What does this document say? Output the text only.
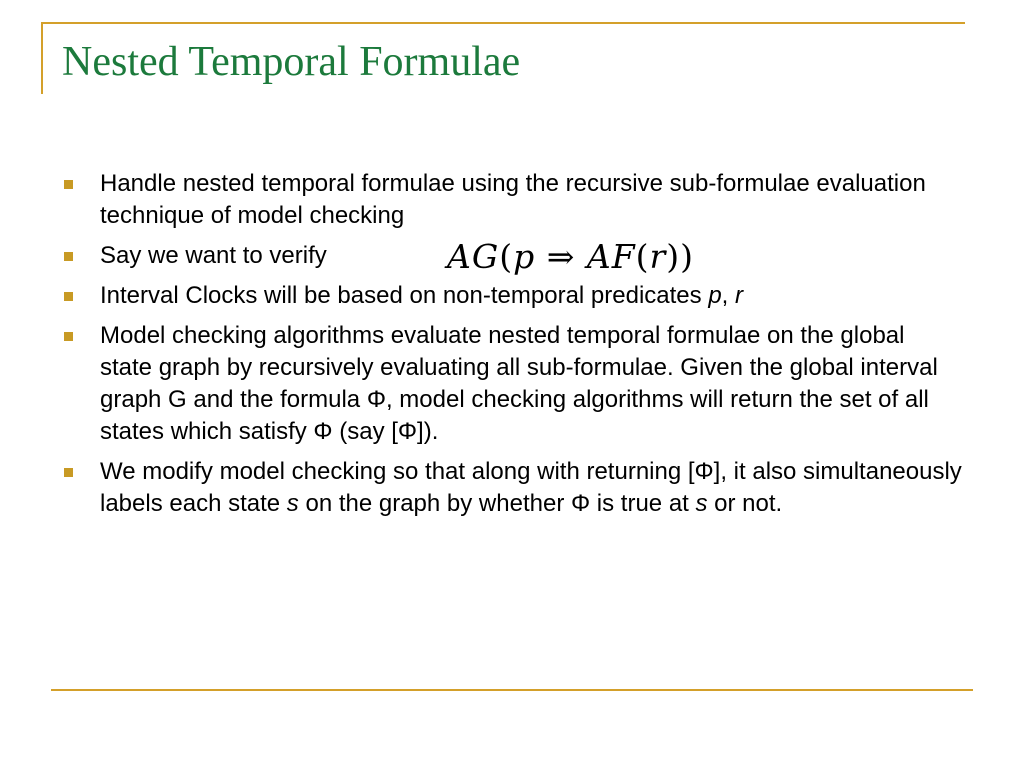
Nested Temporal Formulae
Handle nested temporal formulae using the recursive sub-formulae evaluation technique of model checking
Say we want to verify	AG(p ⇒ AF(r))
Interval Clocks will be based on non-temporal predicates p, r
Model checking algorithms evaluate nested temporal formulae on the global state graph by recursively evaluating all sub-formulae. Given the global interval graph G and the formula Φ, model checking algorithms will return the set of all states which satisfy Φ (say [Φ]).
We modify model checking so that along with returning [Φ], it also simultaneously labels each state s on the graph by whether Φ is true at s or not.
